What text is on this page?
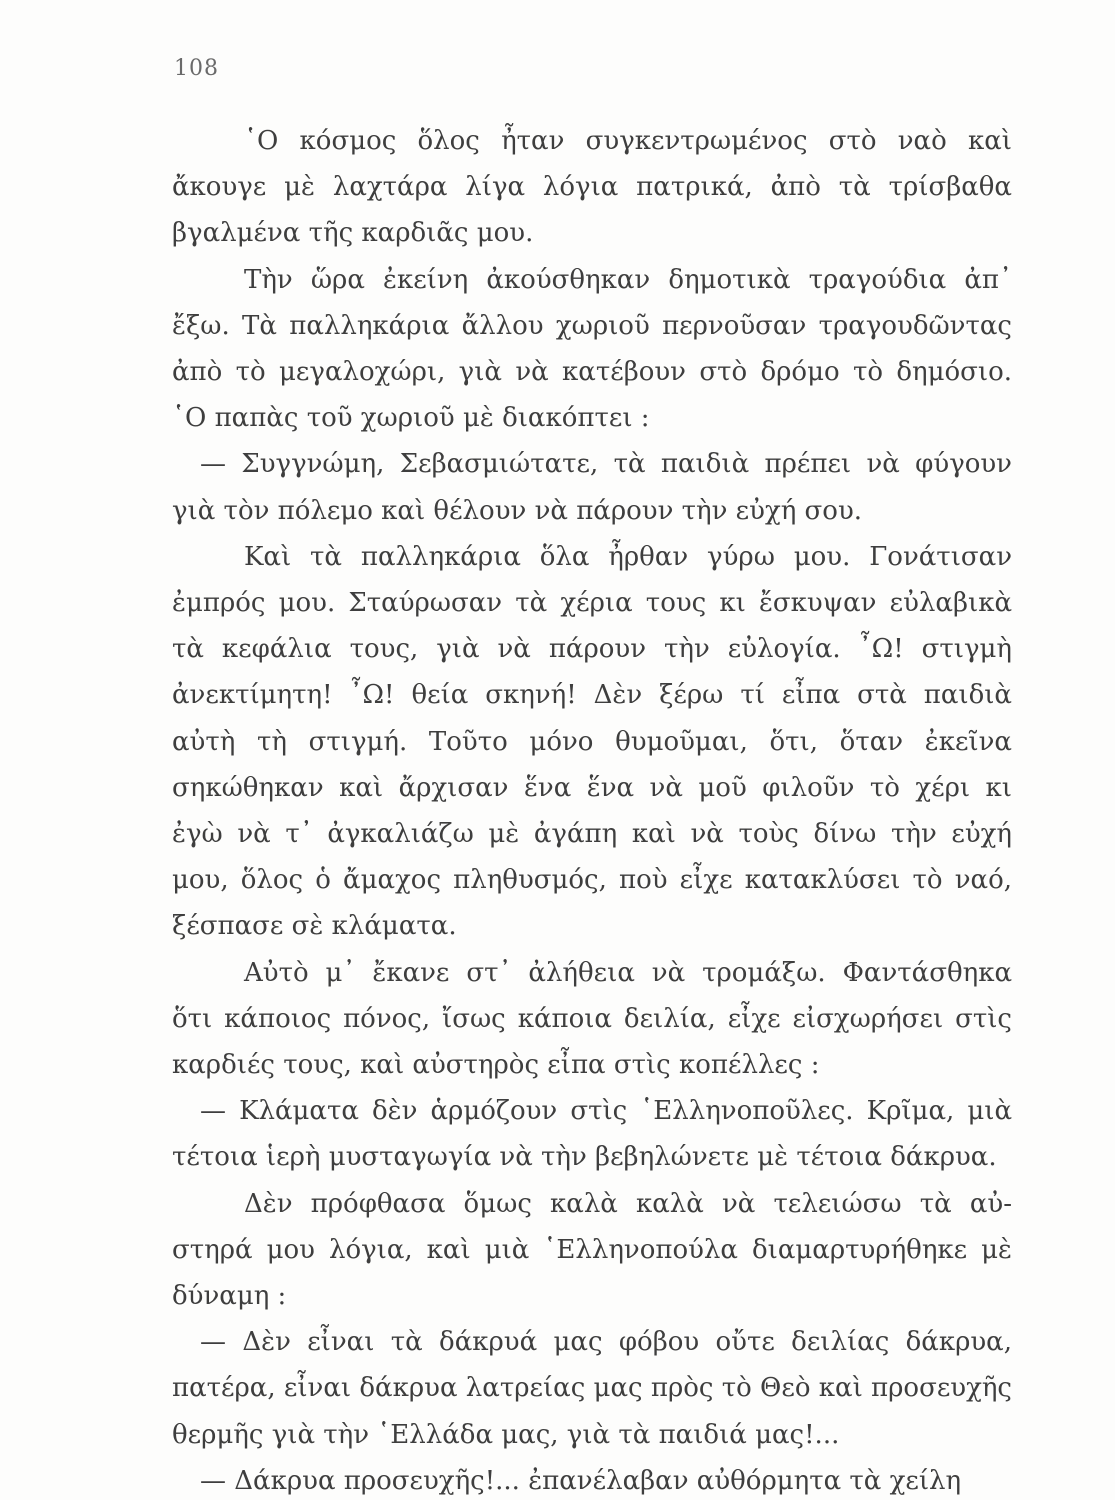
108
῾Ο κόσμος ὅλος ἦταν συγκεντρωμένος στὸ ναὸ καὶ
ἄκουγε μὲ λαχτάρα λίγα λόγια πατρικά, ἀπὸ τὰ τρίσβαθα
βγαλμένα τῆς καρδιᾶς μου.
Τὴν ὥρα ἐκείνη ἀκούσθηκαν δημοτικὰ τραγούδια ἀπ᾿
ἔξω. Τὰ παλληκάρια ἄλλου χωριοῦ περνοῦσαν τραγουδῶντας
ἀπὸ τὸ μεγαλοχώρι, γιὰ νὰ κατέβουν στὸ δρόμο τὸ δημόσιο.
῾Ο παπὰς τοῦ χωριοῦ μὲ διακόπτει :
— Συγγνώμη, Σεβασμιώτατε, τὰ παιδιὰ πρέπει νὰ φύγουν
γιὰ τὸν πόλεμο καὶ θέλουν νὰ πάρουν τὴν εὐχή σου.
Καὶ τὰ παλληκάρια ὅλα ἦρθαν γύρω μου. Γονάτισαν
ἐμπρός μου. Σταύρωσαν τὰ χέρια τους κι ἔσκυψαν εὐλαβικὰ
τὰ κεφάλια τους, γιὰ νὰ πάρουν τὴν εὐλογία. ῏Ω! στιγμὴ
ἀνεκτίμητη! ῏Ω! θεία σκηνή! Δὲν ξέρω τί εἶπα στὰ παιδιὰ
αὐτὴ τὴ στιγμή. Τοῦτο μόνο θυμοῦμαι, ὅτι, ὅταν ἐκεῖνα
σηκώθηκαν καὶ ἄρχισαν ἕνα ἕνα νὰ μοῦ φιλοῦν τὸ χέρι κι
ἐγὼ νὰ τ᾿ ἀγκαλιάζω μὲ ἀγάπη καὶ νὰ τοὺς δίνω τὴν εὐχή
μου, ὅλος ὁ ἄμαχος πληθυσμός, ποὺ εἶχε κατακλύσει τὸ ναό,
ξέσπασε σὲ κλάματα.
Αὐτὸ μ᾿ ἔκανε στ᾿ ἀλήθεια νὰ τρομάξω. Φαντάσθηκα
ὅτι κάποιος πόνος, ἴσως κάποια δειλία, εἶχε εἰσχωρήσει στὶς
καρδιές τους, καὶ αὐστηρὸς εἶπα στὶς κοπέλλες :
— Κλάματα δὲν ἁρμόζουν στὶς ῾Ελληνοποῦλες. Κρῖμα, μιὰ
τέτοια ἱερὴ μυσταγωγία νὰ τὴν βεβηλώνετε μὲ τέτοια δάκρυα.
Δὲν πρόφθασα ὅμως καλὰ καλὰ νὰ τελειώσω τὰ αὐ-
στηρά μου λόγια, καὶ μιὰ ῾Ελληνοπούλα διαμαρτυρήθηκε μὲ
δύναμη :
— Δὲν εἶναι τὰ δάκρυά μας φόβου οὔτε δειλίας δάκρυα,
πατέρα, εἶναι δάκρυα λατρείας μας πρὸς τὸ Θεὸ καὶ προσευχῆς
θερμῆς γιὰ τὴν ῾Ελλάδα μας, γιὰ τὰ παιδιά μας!...
— Δάκρυα προσευχῆς!... ἐπανέλαβαν αὐθόρμητα τὰ χείλη
